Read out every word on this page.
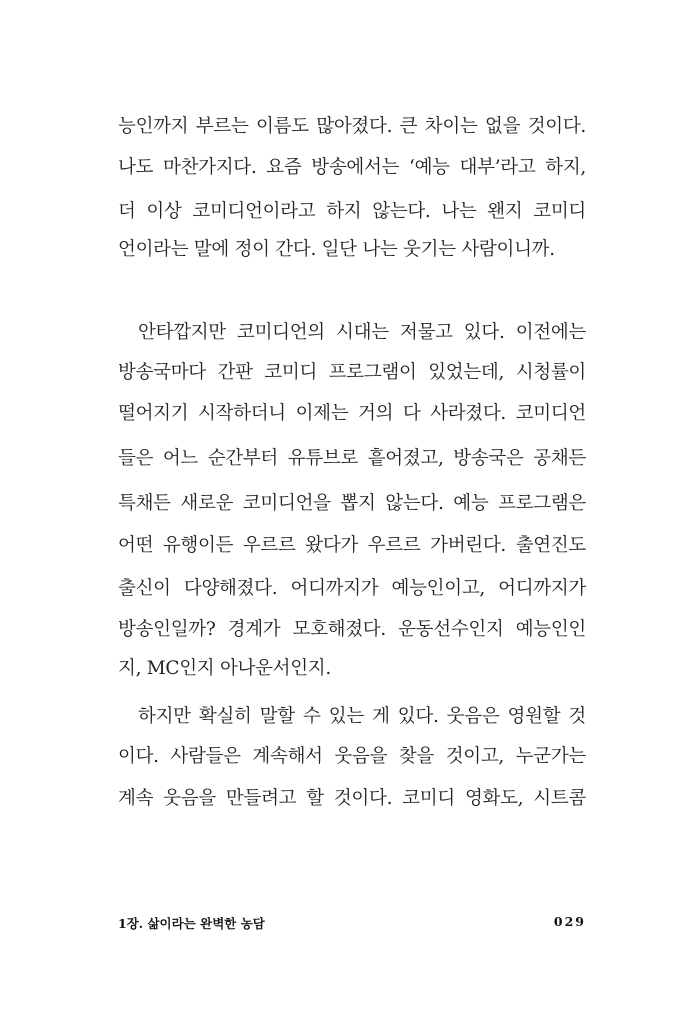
능인까지 부르는 이름도 많아졌다. 큰 차이는 없을 것이다.
나도 마찬가지다. 요즘 방송에서는 ‘예능 대부’라고 하지,
더 이상 코미디언이라고 하지 않는다. 나는 왠지 코미디
언이라는 말에 정이 간다. 일단 나는 웃기는 사람이니까.
안타깝지만 코미디언의 시대는 저물고 있다. 이전에는
방송국마다 간판 코미디 프로그램이 있었는데, 시청률이
떨어지기 시작하더니 이제는 거의 다 사라졌다. 코미디언
들은 어느 순간부터 유튜브로 흩어졌고, 방송국은 공채든
특채든 새로운 코미디언을 뽑지 않는다. 예능 프로그램은
어떤 유행이든 우르르 왔다가 우르르 가버린다. 출연진도
출신이 다양해졌다. 어디까지가 예능인이고, 어디까지가
방송인일까? 경계가 모호해졌다. 운동선수인지 예능인인
지, MC인지 아나운서인지.
하지만 확실히 말할 수 있는 게 있다. 웃음은 영원할 것
이다. 사람들은 계속해서 웃음을 찾을 것이고, 누군가는
계속 웃음을 만들려고 할 것이다. 코미디 영화도, 시트콤
1장. 삶이라는 완벽한 농담	029
